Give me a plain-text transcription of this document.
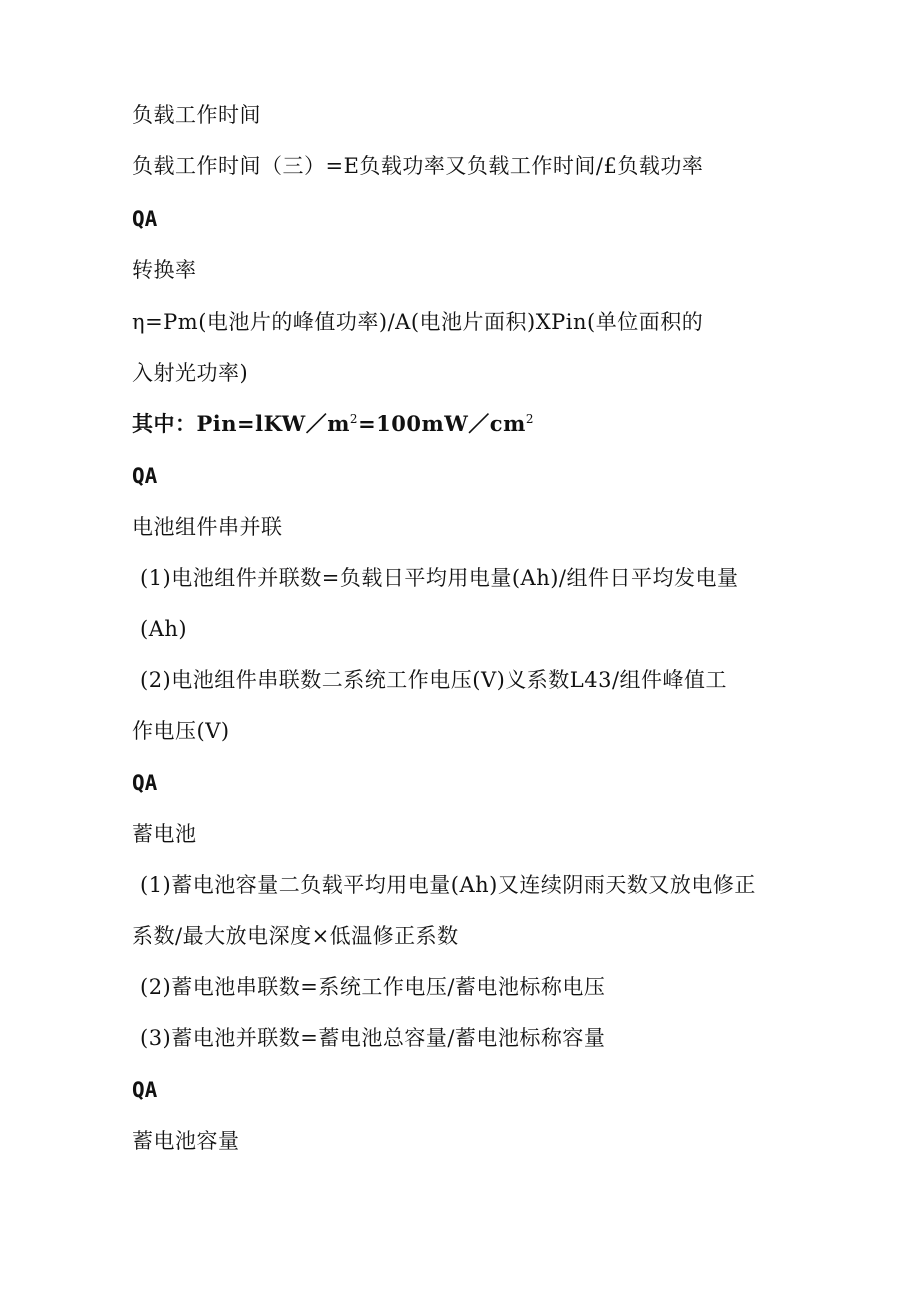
负载工作时间
负载工作时间（三）=E负载功率又负载工作时间/£负载功率
QA
转换率
η=Pm(电池片的峰值功率)/A(电池片面积)XPin(单位面积的
入射光功率)
其中：$Pin=lKW/m^2=100mW/cm^2$
QA
电池组件串并联
(1)电池组件并联数=负载日平均用电量(Ah)/组件日平均发电量
(Ah)
(2)电池组件串联数二系统工作电压(V)义系数L43/组件峰值工
作电压(V)
QA
蓄电池
(1)蓄电池容量二负载平均用电量(Ah)又连续阴雨天数又放电修正
系数/最大放电深度×低温修正系数
(2)蓄电池串联数=系统工作电压/蓄电池标称电压
(3)蓄电池并联数=蓄电池总容量/蓄电池标称容量
QA
蓄电池容量
